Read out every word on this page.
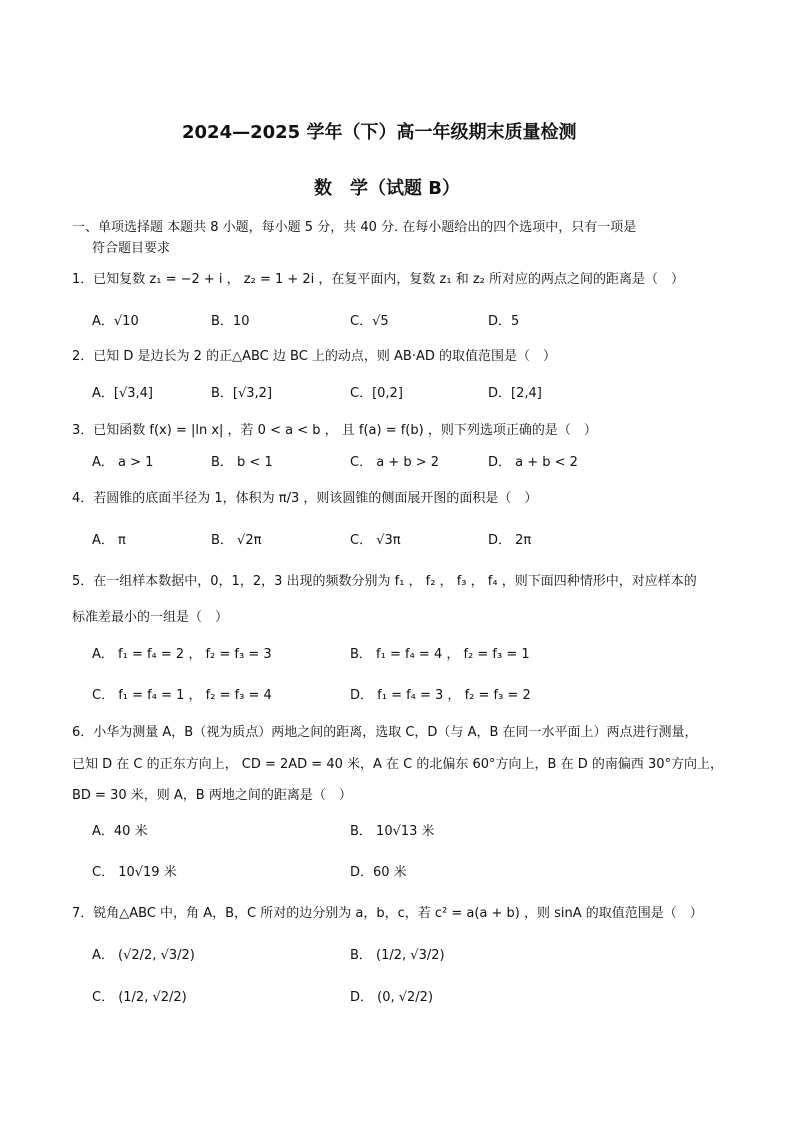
2024—2025 学年（下）高一年级期末质量检测
数　学（试题 B）
一、单项选择题 本题共 8 小题，每小题 5 分，共 40 分. 在每小题给出的四个选项中，只有一项是
符合题目要求
1．已知复数 z₁ = −2 + i ， z₂ = 1 + 2i ，在复平面内，复数 z₁ 和 z₂ 所对应的两点之间的距离是（　）
A．√10	B．10	C．√5	D．5
2．已知 D 是边长为 2 的正△ABC 边 BC 上的动点，则 AB·AD 的取值范围是（　）
A．[√3,4]	B．[√3,2]	C．[0,2]	D．[2,4]
3．已知函数 f(x) = |ln x| ，若 0 < a < b ， 且 f(a) = f(b) ，则下列选项正确的是（　）
A． a > 1	B． b < 1	C． a + b > 2	D． a + b < 2
4．若圆锥的底面半径为 1，体积为 π/3 ，则该圆锥的侧面展开图的面积是（　）
A． π	B． √2π	C． √3π	D． 2π
5．在一组样本数据中，0，1，2，3 出现的频数分别为 f₁ ， f₂ ， f₃ ， f₄ ，则下面四种情形中，对应样本的
标准差最小的一组是（　）
A． f₁ = f₄ = 2 ， f₂ = f₃ = 3	B． f₁ = f₄ = 4 ， f₂ = f₃ = 1
C． f₁ = f₄ = 1 ， f₂ = f₃ = 4	D． f₁ = f₄ = 3 ， f₂ = f₃ = 2
6．小华为测量 A，B（视为质点）两地之间的距离，选取 C，D（与 A，B 在同一水平面上）两点进行测量，
已知 D 在 C 的正东方向上， CD = 2AD = 40 米，A 在 C 的北偏东 60°方向上，B 在 D 的南偏西 30°方向上，
BD = 30 米，则 A，B 两地之间的距离是（　）
A．40 米	B． 10√13 米
C． 10√19 米	D．60 米
7．锐角△ABC 中，角 A，B，C 所对的边分别为 a，b，c，若 c² = a(a + b) ，则 sinA 的取值范围是（　）
A． (√2/2, √3/2)	B． (1/2, √3/2)
C． (1/2, √2/2)	D． (0, √2/2)
